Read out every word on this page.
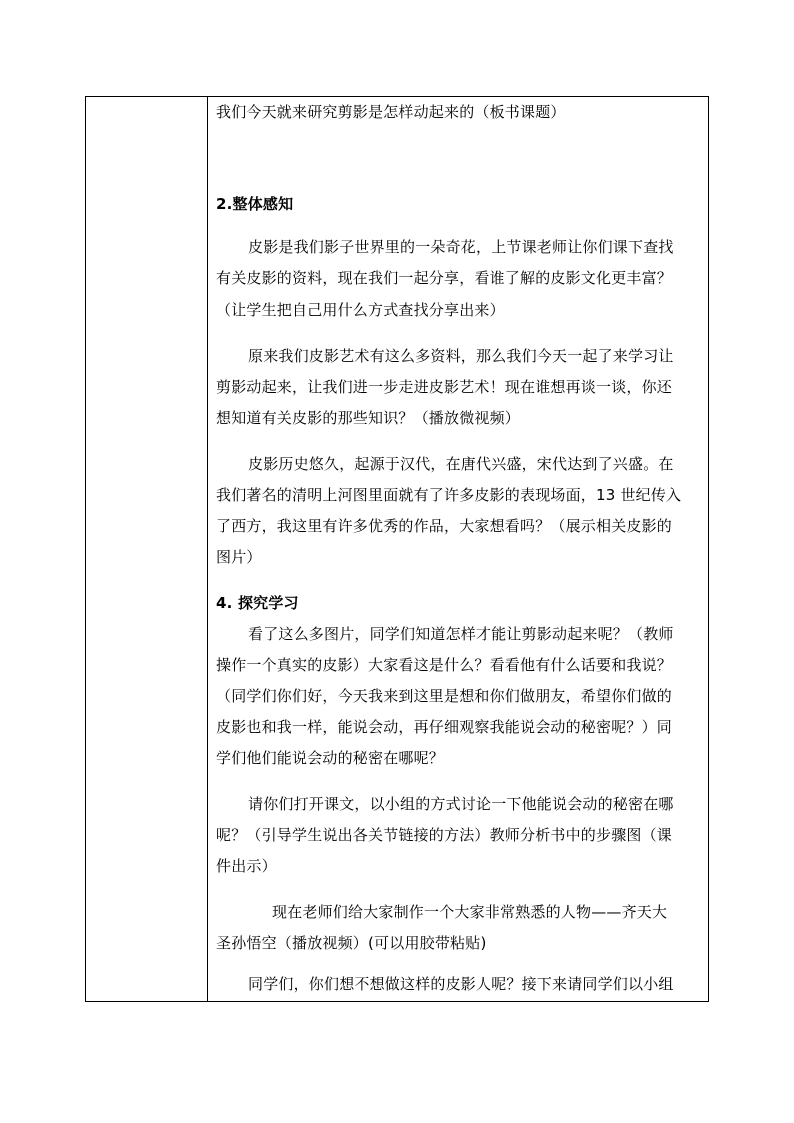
我们今天就来研究剪影是怎样动起来的（板书课题）
2.整体感知
皮影是我们影子世界里的一朵奇花，上节课老师让你们课下查找
有关皮影的资料，现在我们一起分享，看谁了解的皮影文化更丰富？
（让学生把自己用什么方式查找分享出来）
原来我们皮影艺术有这么多资料，那么我们今天一起了来学习让
剪影动起来，让我们进一步走进皮影艺术！现在谁想再谈一谈，你还
想知道有关皮影的那些知识？（播放微视频）
皮影历史悠久，起源于汉代，在唐代兴盛，宋代达到了兴盛。在
我们著名的清明上河图里面就有了许多皮影的表现场面，13 世纪传入
了西方，我这里有许多优秀的作品，大家想看吗？（展示相关皮影的
图片）
4. 探究学习
看了这么多图片，同学们知道怎样才能让剪影动起来呢？（教师
操作一个真实的皮影）大家看这是什么？看看他有什么话要和我说？
（同学们你们好，今天我来到这里是想和你们做朋友，希望你们做的
皮影也和我一样，能说会动，再仔细观察我能说会动的秘密呢？）同
学们他们能说会动的秘密在哪呢？
请你们打开课文，以小组的方式讨论一下他能说会动的秘密在哪
呢？（引导学生说出各关节链接的方法）教师分析书中的步骤图（课
件出示）
现在老师们给大家制作一个大家非常熟悉的人物——齐天大
圣孙悟空（播放视频）(可以用胶带粘贴)
同学们，你们想不想做这样的皮影人呢？接下来请同学们以小组
